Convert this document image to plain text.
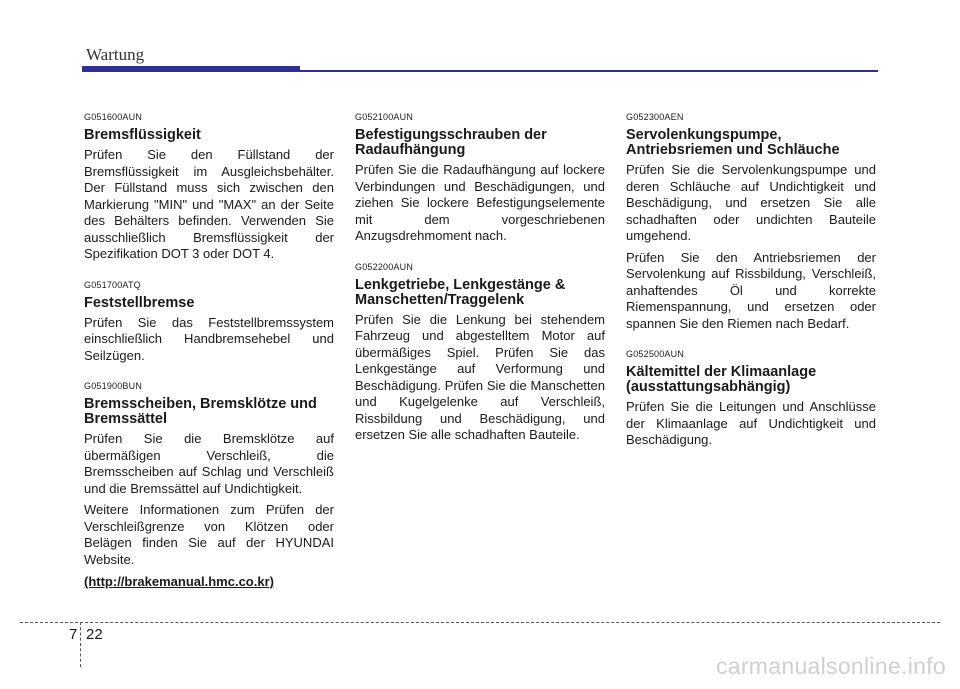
Wartung
G051600AUN
Bremsflüssigkeit

Prüfen Sie den Füllstand der Bremsflüssigkeit im Ausgleichsbehälter. Der Füllstand muss sich zwischen den Markierung "MIN" und "MAX" an der Seite des Behälters befinden. Verwenden Sie ausschließlich Bremsflüssigkeit der Spezifikation DOT 3 oder DOT 4.

G051700ATQ
Feststellbremse

Prüfen Sie das Feststellbremssystem einschließlich Handbremsehebel und Seilzügen.

G051900BUN
Bremsscheiben, Bremsklötze und Bremssättel

Prüfen Sie die Bremsklötze auf übermäßigen Verschleiß, die Bremsscheiben auf Schlag und Verschleiß und die Bremssättel auf Undichtigkeit.

Weitere Informationen zum Prüfen der Verschleißgrenze von Klötzen oder Belägen finden Sie auf der HYUNDAI Website.

(http://brakemanual.hmc.co.kr)
G052100AUN
Befestigungsschrauben der Radaufhängung

Prüfen Sie die Radaufhängung auf lockere Verbindungen und Beschädigungen, und ziehen Sie lockere Befestigungselemente mit dem vorgeschriebenen Anzugsdrehmoment nach.

G052200AUN
Lenkgetriebe, Lenkgestänge & Manschetten/Traggelenk

Prüfen Sie die Lenkung bei stehendem Fahrzeug und abgestelltem Motor auf übermäßiges Spiel. Prüfen Sie das Lenkgestänge auf Verformung und Beschädigung. Prüfen Sie die Manschetten und Kugelgelenke auf Verschleiß, Rissbildung und Beschädigung, und ersetzen Sie alle schadhaften Bauteile.

G052300AEN
Servolenkungspumpe, Antriebsriemen und Schläuche

Prüfen Sie die Servolenkungspumpe und deren Schläuche auf Undichtigkeit und Beschädigung, und ersetzen Sie alle schadhaften oder undichten Bauteile umgehend.

Prüfen Sie den Antriebsriemen der Servolenkung auf Rissbildung, Verschleiß, anhaftendes Öl und korrekte Riemenspannung, und ersetzen oder spannen Sie den Riemen nach Bedarf.

G052500AUN
Kältemittel der Klimaanlage (ausstattungsabhängig)

Prüfen Sie die Leitungen und Anschlüsse der Klimaanlage auf Undichtigkeit und Beschädigung.

7 22
carmanualsonline.info
